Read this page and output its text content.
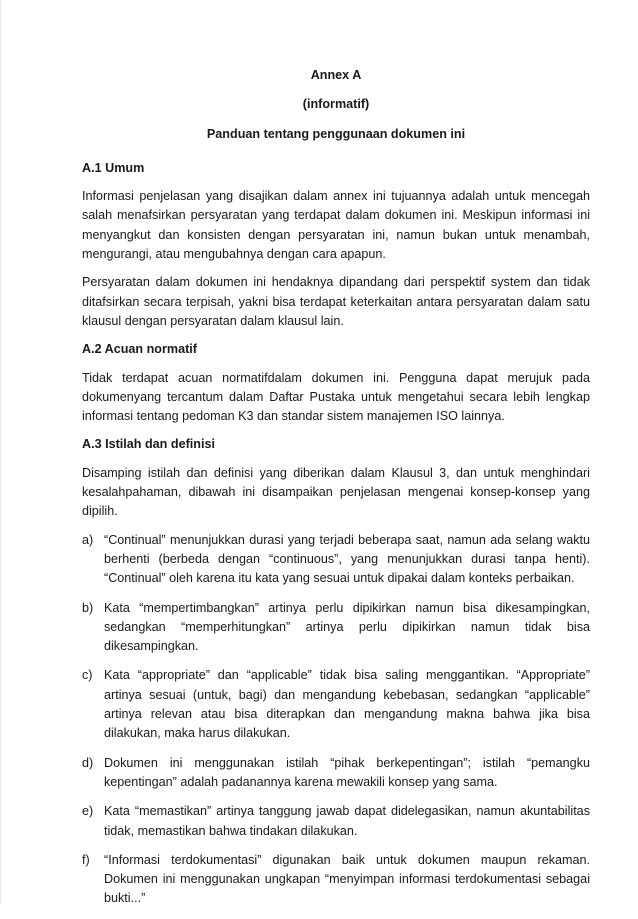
Annex A
(informatif)
Panduan tentang penggunaan dokumen ini
A.1 Umum

Informasi penjelasan yang disajikan dalam annex ini tujuannya adalah untuk mencegah salah menafsirkan persyaratan yang terdapat dalam dokumen ini. Meskipun informasi ini menyangkut dan konsisten dengan persyaratan ini, namun bukan untuk menambah, mengurangi, atau mengubahnya dengan cara apapun.

Persyaratan dalam dokumen ini hendaknya dipandang dari perspektif system dan tidak ditafsirkan secara terpisah, yakni bisa terdapat keterkaitan antara persyaratan dalam satu klausul dengan persyaratan dalam klausul lain.

A.2 Acuan normatif

Tidak terdapat acuan normatifdalam dokumen ini. Pengguna dapat merujuk pada dokumenyang tercantum dalam Daftar Pustaka untuk mengetahui secara lebih lengkap informasi tentang pedoman K3 dan standar sistem manajemen ISO lainnya.

A.3 Istilah dan definisi

Disamping istilah dan definisi yang diberikan dalam Klausul 3, dan untuk menghindari kesalahpahaman, dibawah ini disampaikan penjelasan mengenai konsep-konsep yang dipilih.

a) “Continual” menunjukkan durasi yang terjadi beberapa saat, namun ada selang waktu berhenti (berbeda dengan “continuous”, yang menunjukkan durasi tanpa henti). “Continual” oleh karena itu kata yang sesuai untuk dipakai dalam konteks perbaikan.
b) Kata “mempertimbangkan” artinya perlu dipikirkan namun bisa dikesampingkan, sedangkan “memperhitungkan” artinya perlu dipikirkan namun tidak bisa dikesampingkan.
c) Kata “appropriate” dan “applicable” tidak bisa saling menggantikan. “Appropriate” artinya sesuai (untuk, bagi) dan mengandung kebebasan, sedangkan “applicable” artinya relevan atau bisa diterapkan dan mengandung makna bahwa jika bisa dilakukan, maka harus dilakukan.
d) Dokumen ini menggunakan istilah “pihak berkepentingan”; istilah “pemangku kepentingan” adalah padanannya karena mewakili konsep yang sama.
e) Kata “memastikan” artinya tanggung jawab dapat didelegasikan, namun akuntabilitas tidak, memastikan bahwa tindakan dilakukan.
f) “Informasi terdokumentasi” digunakan baik untuk dokumen maupun rekaman. Dokumen ini menggunakan ungkapan “menyimpan informasi terdokumentasi sebagai bukti...”
